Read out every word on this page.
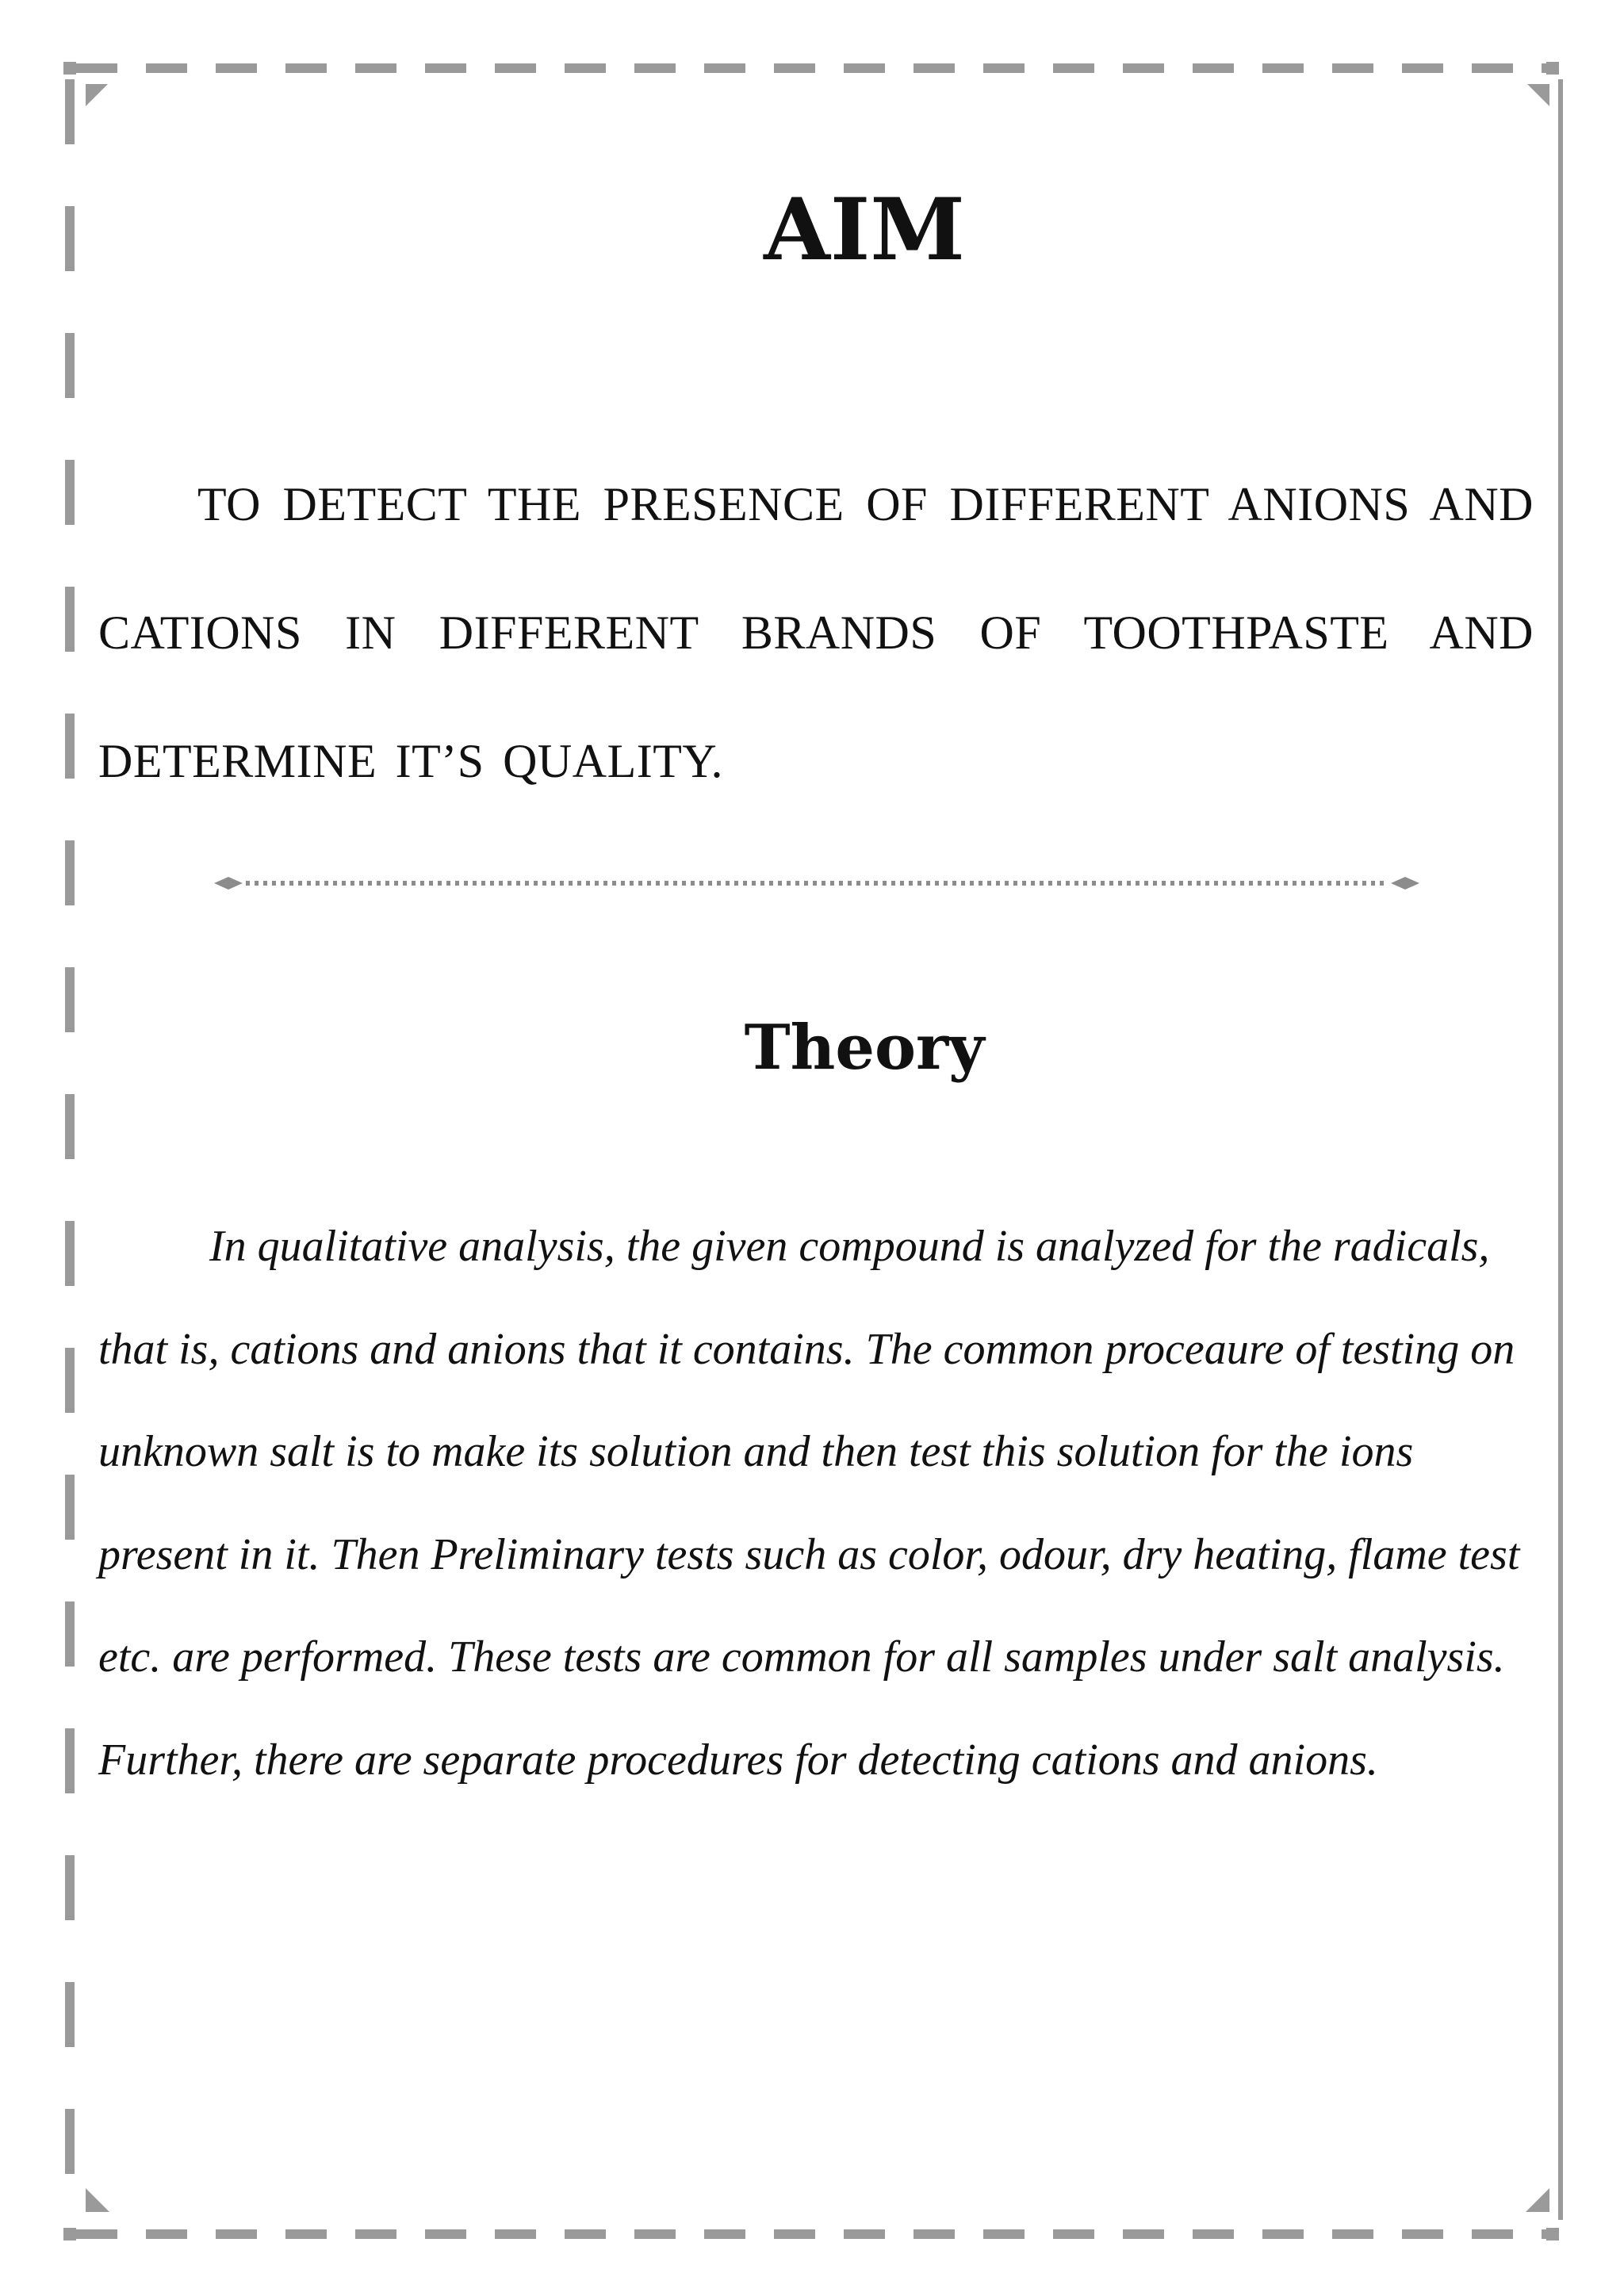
AIM

TO DETECT THE PRESENCE OF DIFFERENT ANIONS AND CATIONS IN DIFFERENT BRANDS OF TOOTHPASTE AND DETERMINE IT’S QUALITY.

Theory

In qualitative analysis, the given compound is analyzed for the radicals, that is, cations and anions that it contains. The common proceaure of testing on unknown salt is to make its solution and then test this solution for the ions present in it. Then Preliminary tests such as color, odour, dry heating, flame test etc. are performed. These tests are common for all samples under salt analysis. Further, there are separate procedures for detecting cations and anions.
